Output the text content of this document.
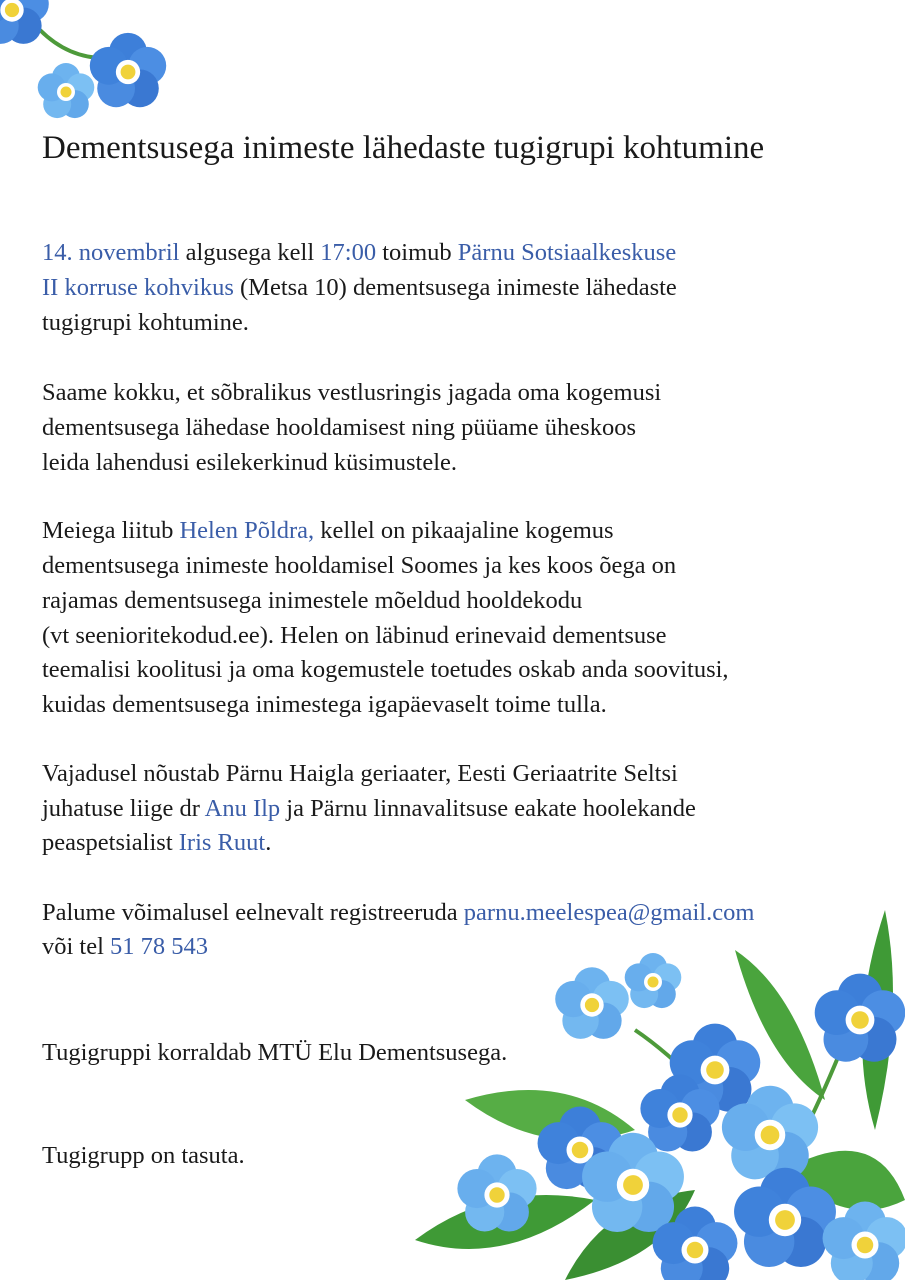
Dementsusega inimeste lähedaste tugigrupi kohtumine
14. novembril algusega kell 17:00 toimub Pärnu Sotsiaalkeskuse
II korruse kohvikus (Metsa 10) dementsusega inimeste lähedaste
tugigrupi kohtumine.
Saame kokku, et sõbralikus vestlusringis jagada oma kogemusi
dementsusega lähedase hooldamisest ning püüame üheskoos
leida lahendusi esilekerkinud küsimustele.
Meiega liitub Helen Põldra, kellel on pikaajaline kogemus
dementsusega inimeste hooldamisel Soomes ja kes koos õega on
rajamas dementsusega inimestele mõeldud hooldekodu
(vt seenioritekodud.ee). Helen on läbinud erinevaid dementsuse
teemalisi koolitusi ja oma kogemustele toetudes oskab anda soovitusi,
kuidas dementsusega inimestega igapäevaselt toime tulla.
Vajadusel nõustab Pärnu Haigla geriaater, Eesti Geriaatrite Seltsi
juhatuse liige dr Anu Ilp ja Pärnu linnavalitsuse eakate hoolekande
peaspetsialist Iris Ruut.
Palume võimalusel eelnevalt registreeruda parnu.meelespea@gmail.com
või tel 51 78 543
Tugigruppi korraldab MTÜ Elu Dementsusega.
Tugigrupp on tasuta.
